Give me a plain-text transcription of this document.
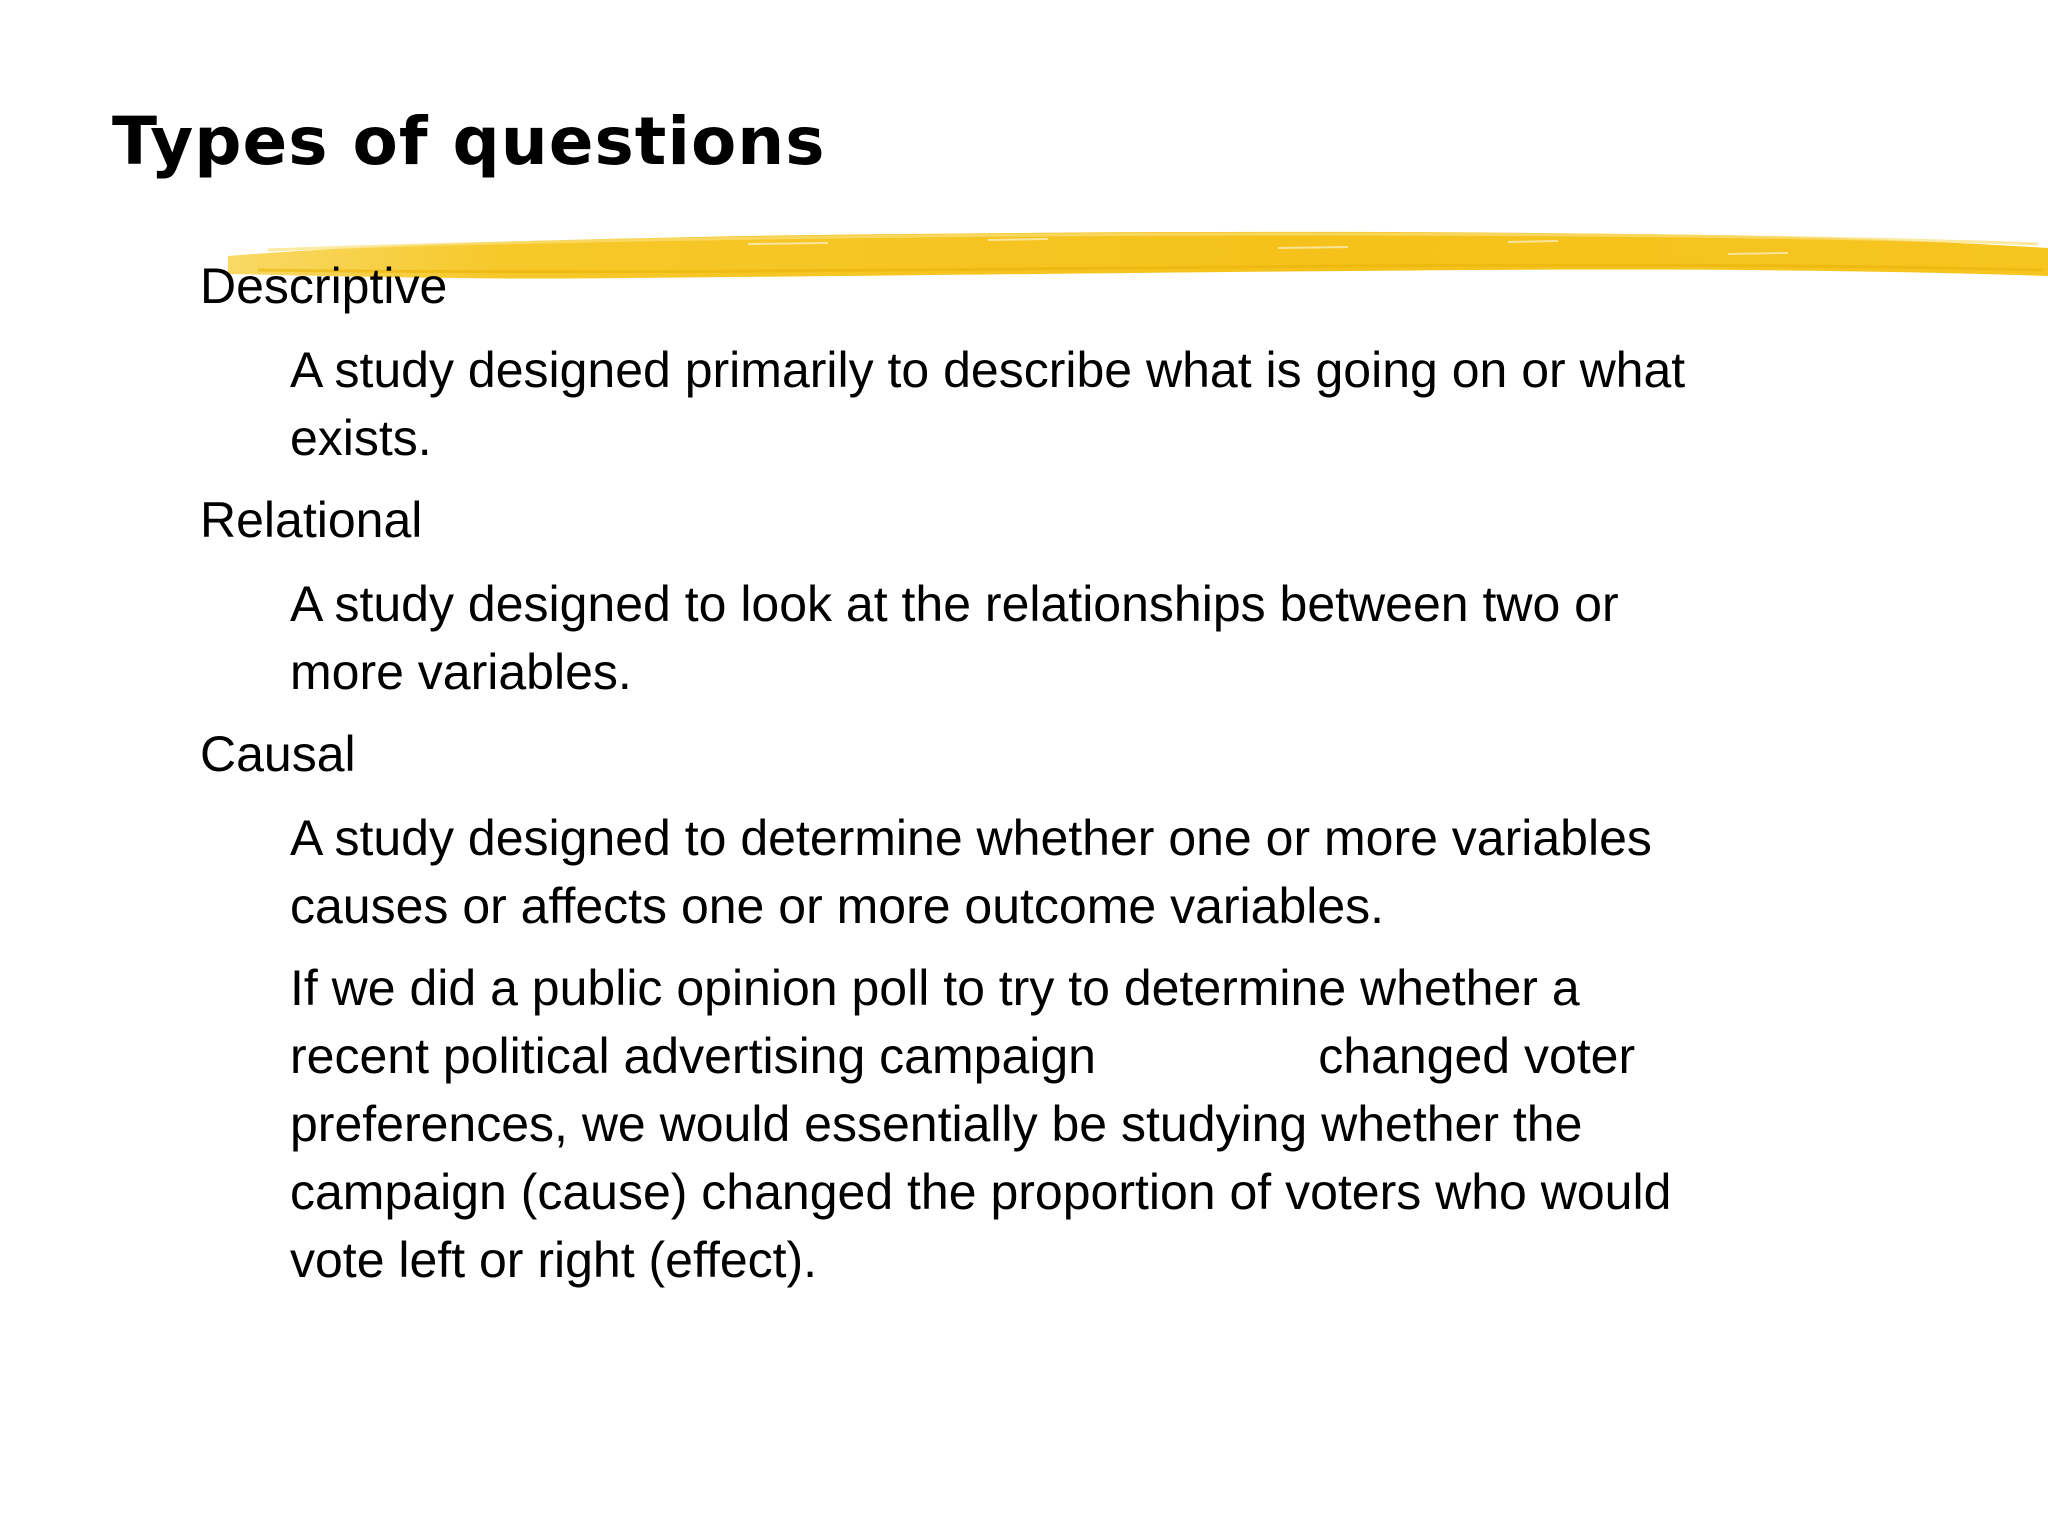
Types of questions
Descriptive
A study designed primarily to describe what is going on or what
exists.
Relational
A study designed to look at the relationships between two or
more variables.
Causal
A study designed to determine whether one or more variables
causes or affects one or more outcome variables.
If we did a public opinion poll to try to determine whether a
recent political advertising campaign                changed voter
preferences, we would essentially be studying whether the
campaign (cause) changed the proportion of voters who would
vote left or right (effect).
